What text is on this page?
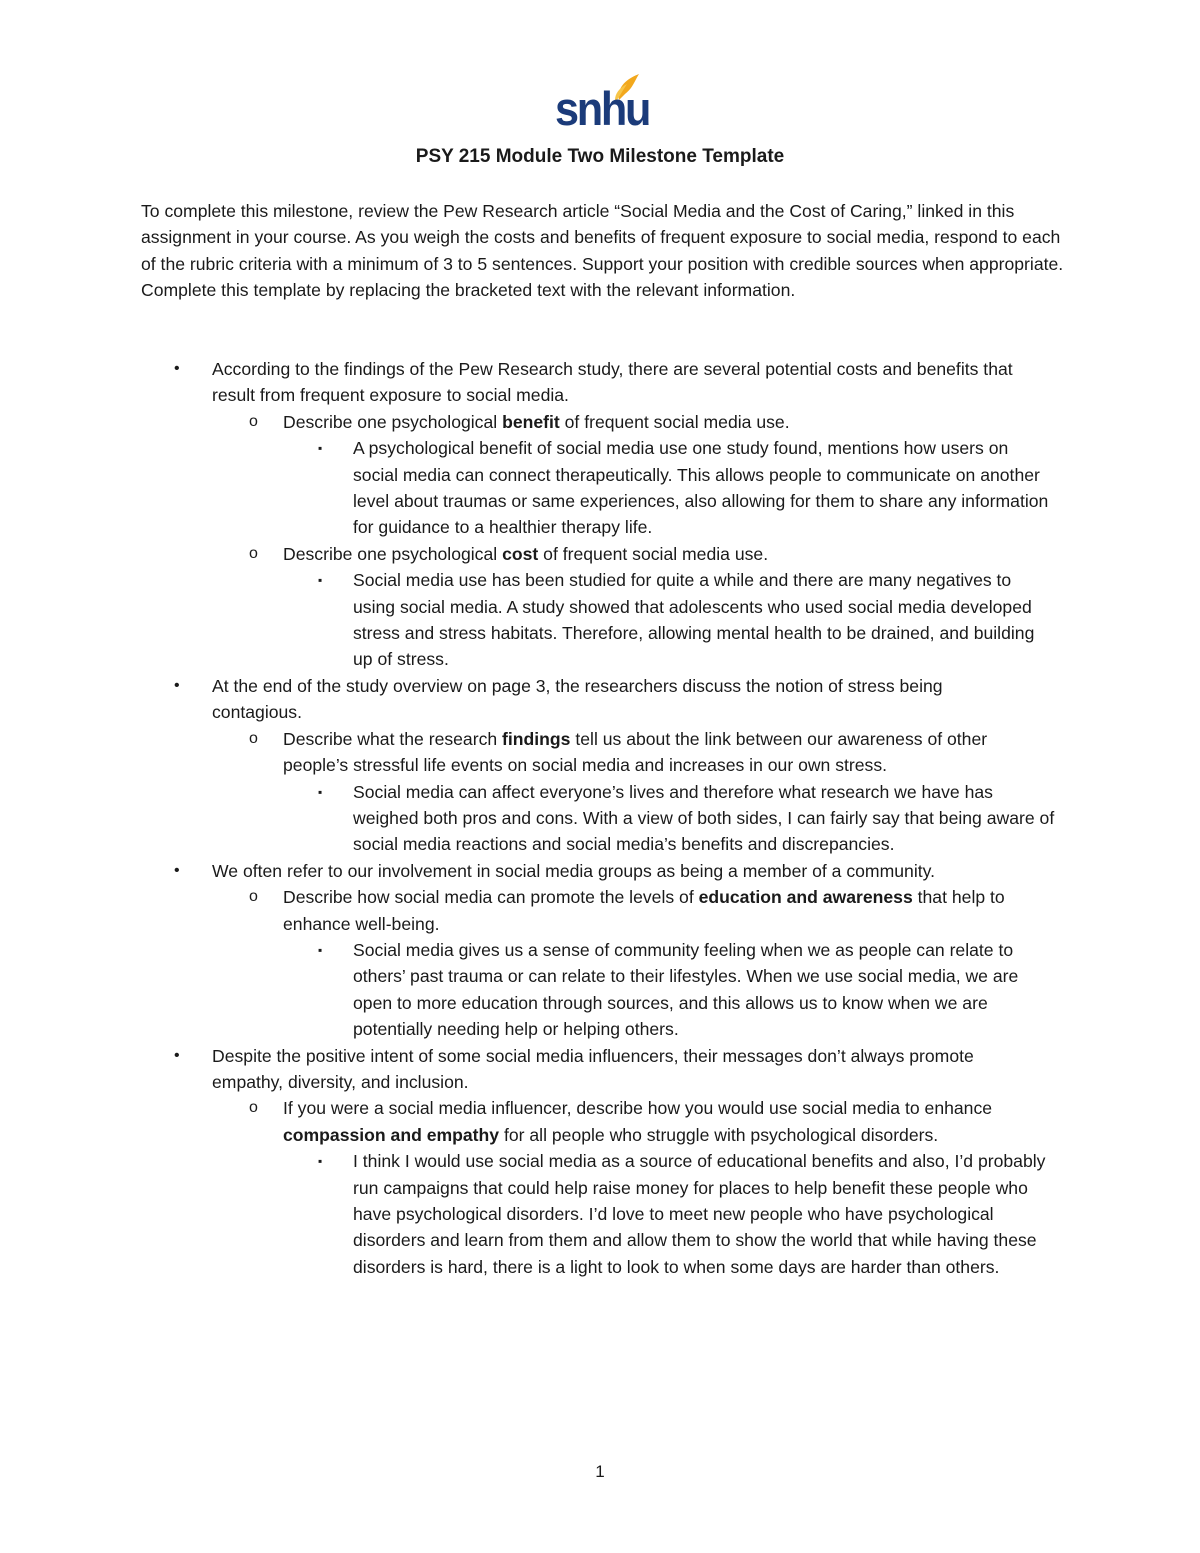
snhu
PSY 215 Module Two Milestone Template
To complete this milestone, review the Pew Research article “Social Media and the Cost of Caring,” linked in this assignment in your course. As you weigh the costs and benefits of frequent exposure to social media, respond to each of the rubric criteria with a minimum of 3 to 5 sentences. Support your position with credible sources when appropriate. Complete this template by replacing the bracketed text with the relevant information.
• According to the findings of the Pew Research study, there are several potential costs and benefits that result from frequent exposure to social media.
o Describe one psychological benefit of frequent social media use.
▪ A psychological benefit of social media use one study found, mentions how users on social media can connect therapeutically. This allows people to communicate on another level about traumas or same experiences, also allowing for them to share any information for guidance to a healthier therapy life.
o Describe one psychological cost of frequent social media use.
▪ Social media use has been studied for quite a while and there are many negatives to using social media. A study showed that adolescents who used social media developed stress and stress habitats. Therefore, allowing mental health to be drained, and building up of stress.
• At the end of the study overview on page 3, the researchers discuss the notion of stress being contagious.
o Describe what the research findings tell us about the link between our awareness of other people’s stressful life events on social media and increases in our own stress.
▪ Social media can affect everyone’s lives and therefore what research we have has weighed both pros and cons. With a view of both sides, I can fairly say that being aware of social media reactions and social media’s benefits and discrepancies.
• We often refer to our involvement in social media groups as being a member of a community.
o Describe how social media can promote the levels of education and awareness that help to enhance well-being.
▪ Social media gives us a sense of community feeling when we as people can relate to others’ past trauma or can relate to their lifestyles. When we use social media, we are open to more education through sources, and this allows us to know when we are potentially needing help or helping others.
• Despite the positive intent of some social media influencers, their messages don’t always promote empathy, diversity, and inclusion.
o If you were a social media influencer, describe how you would use social media to enhance compassion and empathy for all people who struggle with psychological disorders.
▪ I think I would use social media as a source of educational benefits and also, I’d probably run campaigns that could help raise money for places to help benefit these people who have psychological disorders. I’d love to meet new people who have psychological disorders and learn from them and allow them to show the world that while having these disorders is hard, there is a light to look to when some days are harder than others.
1
